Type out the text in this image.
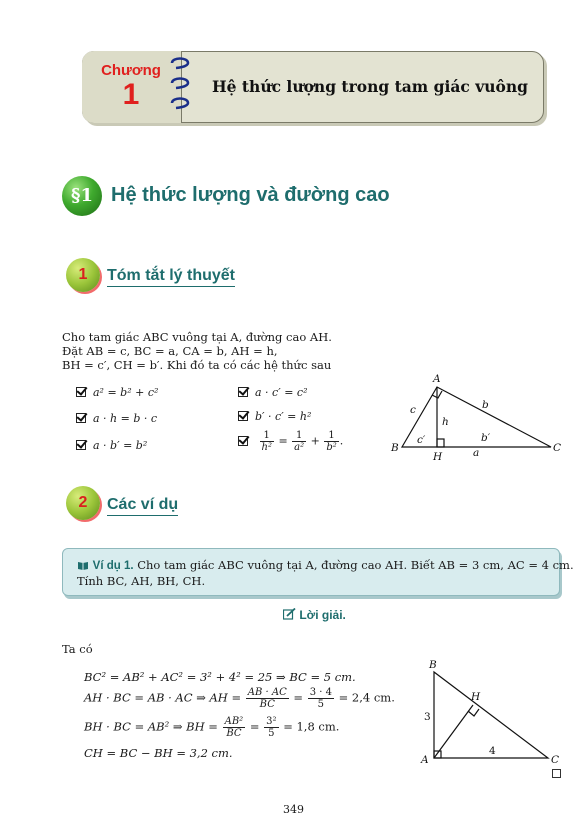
Chương
1	Hệ thức lượng trong tam giác vuông
§1 Hệ thức lượng và đường cao
1	Tóm tắt lý thuyết
Cho tam giác ABC vuông tại A, đường cao AH.
Đặt AB = c, BC = a, CA = b, AH = h,
BH = c′, CH = b′. Khi đó ta có các hệ thức sau
a² = b² + c²	a · c′ = c²
a · h = b · c	b′ · c′ = h²
a · b′ = b²
	$\frac{1}{\text{h²}} = \frac{1}{\text{a²}} + \frac{1}{\text{b²}}$ .
A
B	C
H
c	b
h
c′	b′
a
2	Các ví dụ
Ví dụ 1. Cho tam giác ABC vuông tại A, đường cao AH. Biết AB = 3 cm, AC = 4 cm.
Tính BC, AH, BH, CH.
Lời giải.
Ta có
BC² = AB² + AC² = 3² + 4² = 25 ⇒ BC = 5 cm.
AH · BC = AB · AC ⇒ AH = $\frac{AB \cdot AC}{BC} = \frac{3 \cdot 4}{5} = 2,4$ cm.
BH · BC = AB² ⇒ BH = $\frac{\text{AB²}}{BC} = \frac{\text{3²}}{5} = 1,8$ cm.
CH = BC − BH = 3,2 cm.
B
A	C
H
3
4
349
